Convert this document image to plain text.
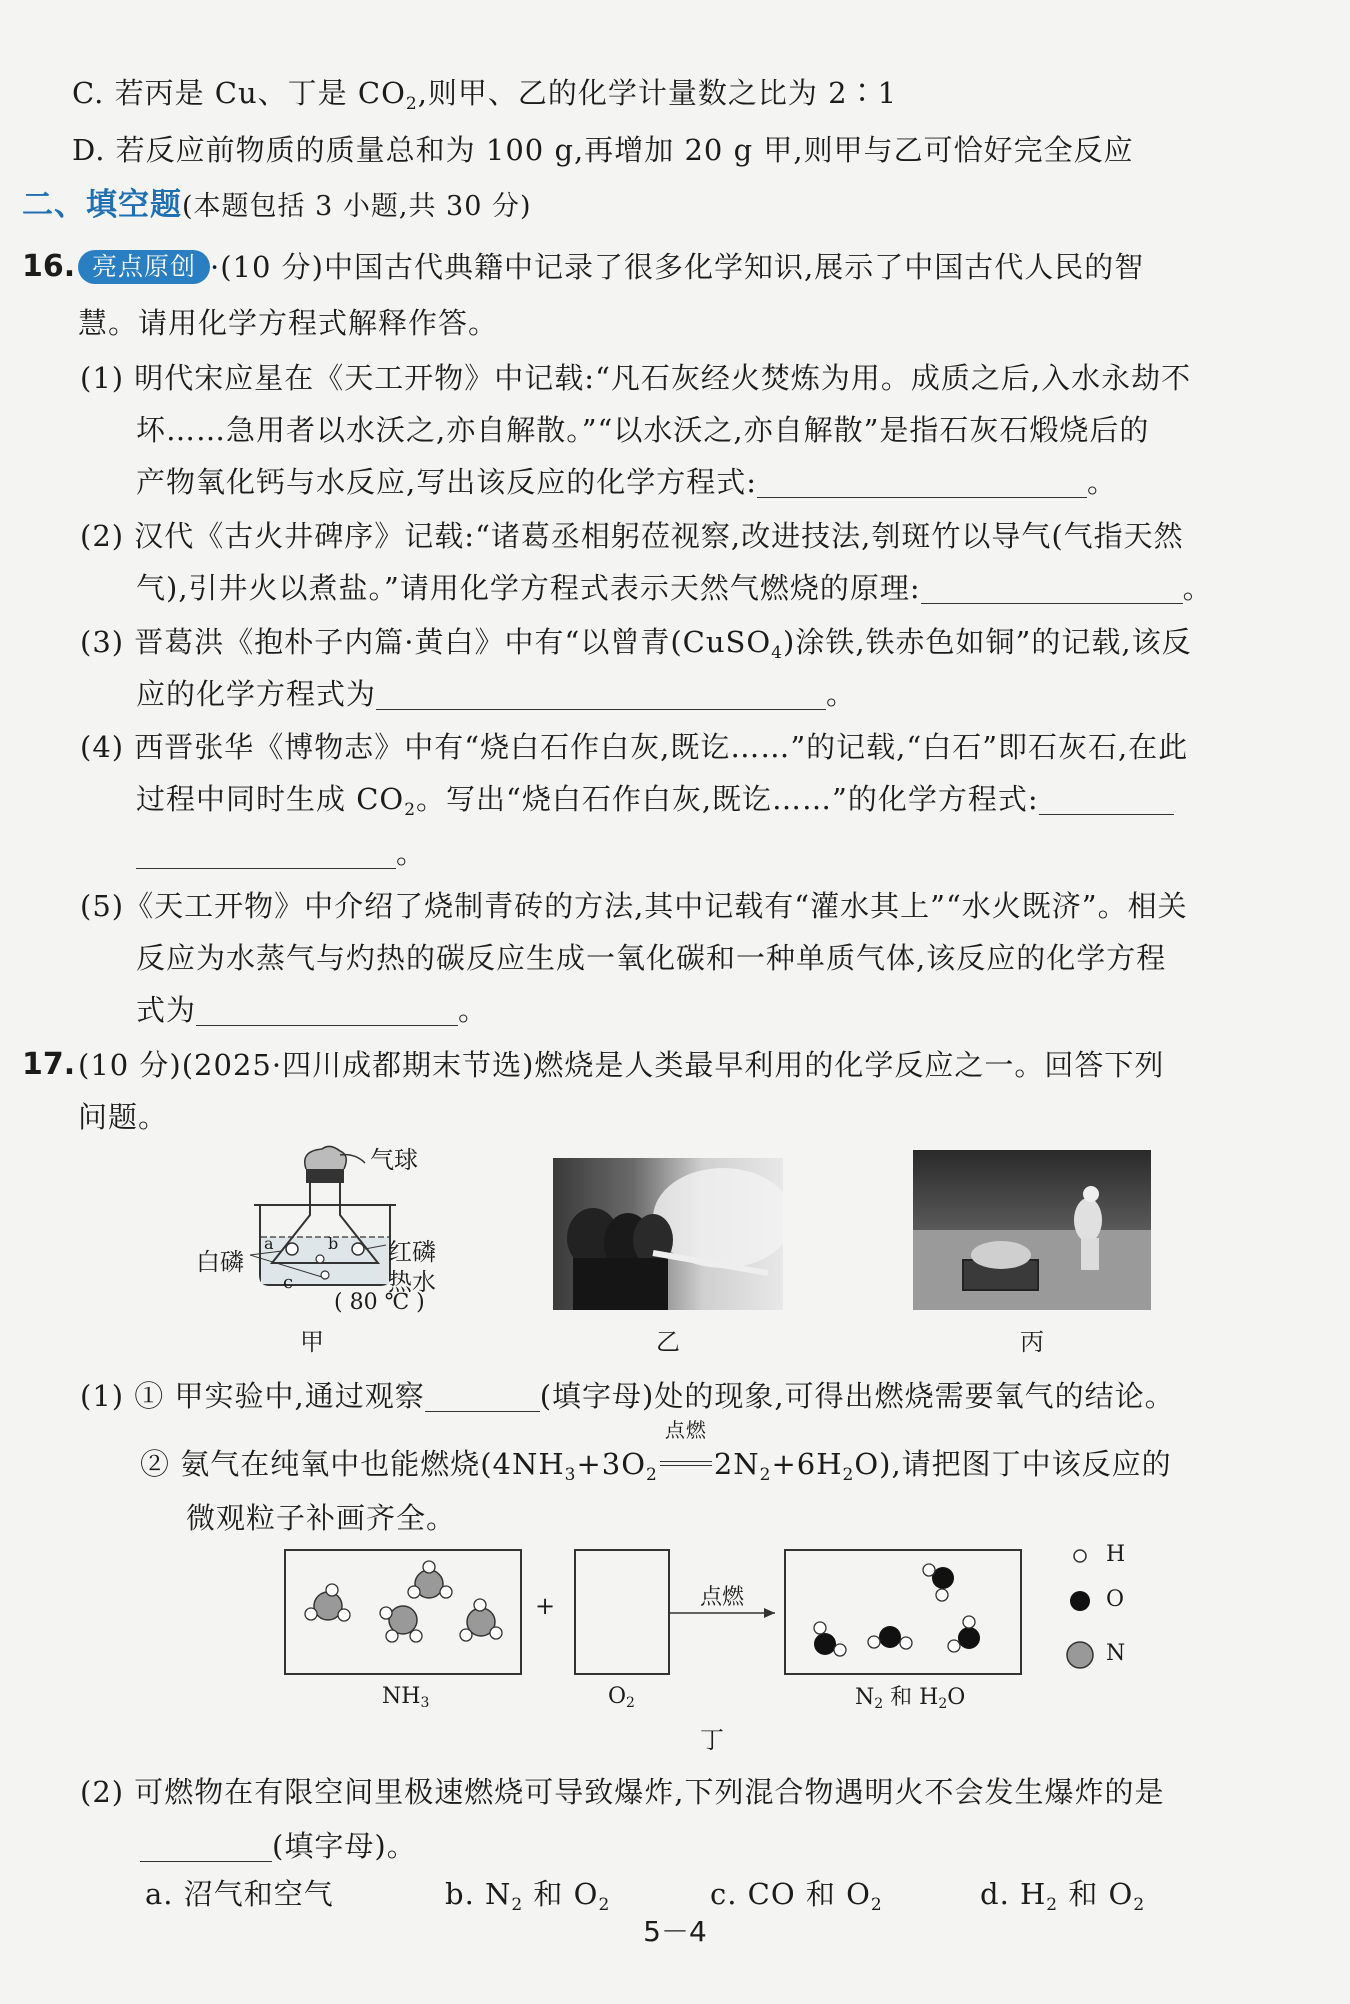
C. 若丙是 Cu、丁是 $CO_2$,则甲、乙的化学计量数之比为 2∶1
D. 若反应前物质的质量总和为 100 g,再增加 20 g 甲,则甲与乙可恰好完全反应
二、填空题(本题包括 3 小题,共 30 分)
16. 亮点原创 ·(10 分)中国古代典籍中记录了很多化学知识,展示了中国古代人民的智
慧。请用化学方程式解释作答。
(1) 明代宋应星在《天工开物》中记载:“凡石灰经火焚炼为用。成质之后,入水永劫不
坏……急用者以水沃之,亦自解散。”“以水沃之,亦自解散”是指石灰石煅烧后的
产物氧化钙与水反应,写出该反应的化学方程式:	。
(2) 汉代《古火井碑序》记载:“诸葛丞相躬莅视察,改进技法,刳斑竹以导气(气指天然
气),引井火以煮盐。”请用化学方程式表示天然气燃烧的原理:	。
(3) 晋葛洪《抱朴子内篇·黄白》中有“以曾青(CuSO$_4$)涂铁,铁赤色如铜”的记载,该反
应的化学方程式为	。
(4) 西晋张华《博物志》中有“烧白石作白灰,既讫……”的记载,“白石”即石灰石,在此
过程中同时生成 $CO_2$。写出“烧白石作白灰,既讫……”的化学方程式:
。
(5)《天工开物》中介绍了烧制青砖的方法,其中记载有“灌水其上”“水火既济”。相关
反应为水蒸气与灼热的碳反应生成一氧化碳和一种单质气体,该反应的化学方程
式为	。
17. (10 分)(2025·四川成都期末节选)燃烧是人类最早利用的化学反应之一。回答下列
问题。
气球
白磷	红磷
热水
( 80 ℃ )
c
a	b
甲	乙	丙
(1) ① 甲实验中,通过观察	(填字母)处的现象,可得出燃烧需要氧气的结论。
② 氨气在纯氧中也能燃烧($4NH_3+3O_2$
点燃
$2N_2+6H_2O$),请把图丁中该反应的
微观粒子补画齐全。
+	点燃
H
O
N
NH3	O2	N2 和 H2O
丁
(2) 可燃物在有限空间里极速燃烧可导致爆炸,下列混合物遇明火不会发生爆炸的是
(填字母)。
a. 沼气和空气	b. $N_2$ 和 $O_2$	c. CO 和 $O_2$	d. $H_2$ 和 $O_2$
5－4
